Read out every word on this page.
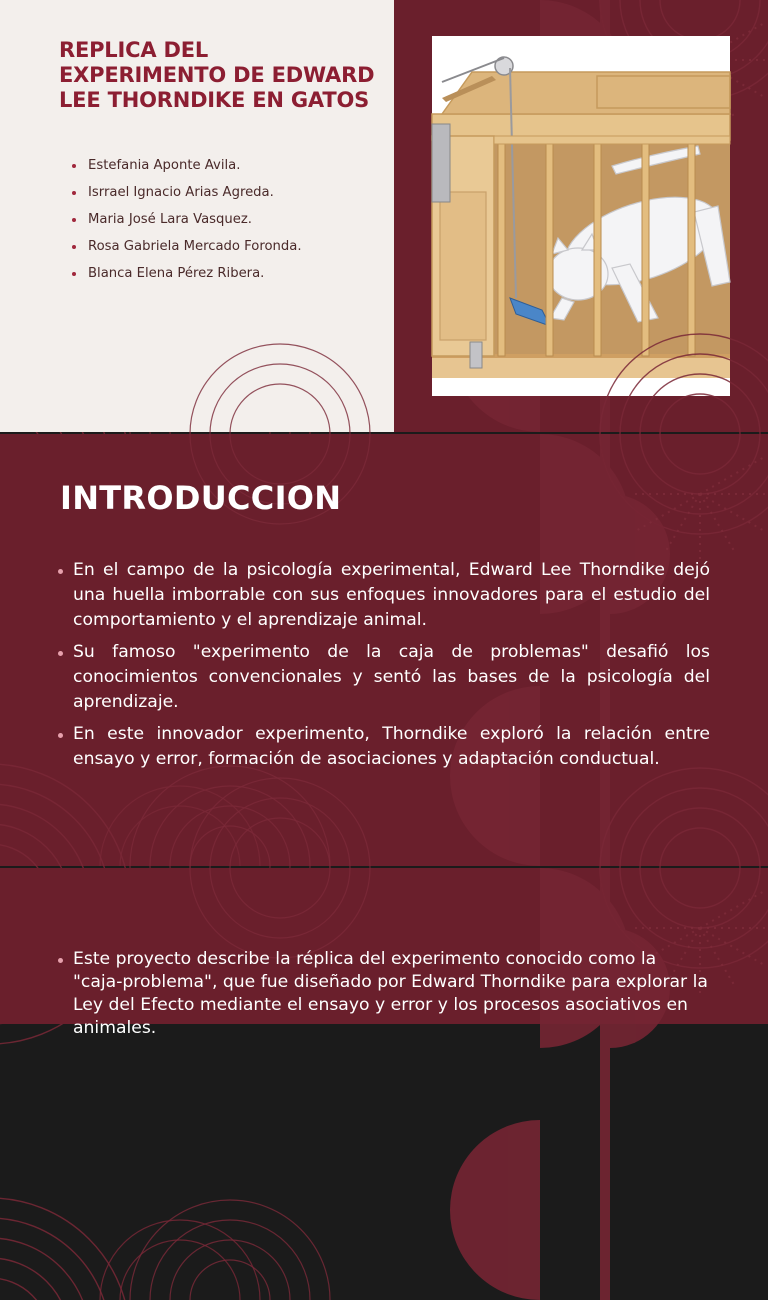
REPLICA DEL EXPERIMENTO DE EDWARD LEE THORNDIKE EN GATOS
Estefania Aponte Avila.
Isrrael Ignacio Arias Agreda.
Maria José Lara Vasquez.
Rosa Gabriela Mercado Foronda.
Blanca Elena Pérez Ribera.
INTRODUCCION
En el campo de la psicología experimental, Edward Lee Thorndike dejó una huella imborrable con sus enfoques innovadores para el estudio del comportamiento y el aprendizaje animal.
Su famoso "experimento de la caja de problemas" desafió los conocimientos convencionales y sentó las bases de la psicología del aprendizaje.
En este innovador experimento, Thorndike exploró la relación entre ensayo y error, formación de asociaciones y adaptación conductual.
Este proyecto describe la réplica del experimento conocido como la "caja-problema", que fue diseñado por Edward Thorndike para explorar la Ley del Efecto mediante el ensayo y error y los procesos asociativos en animales.
